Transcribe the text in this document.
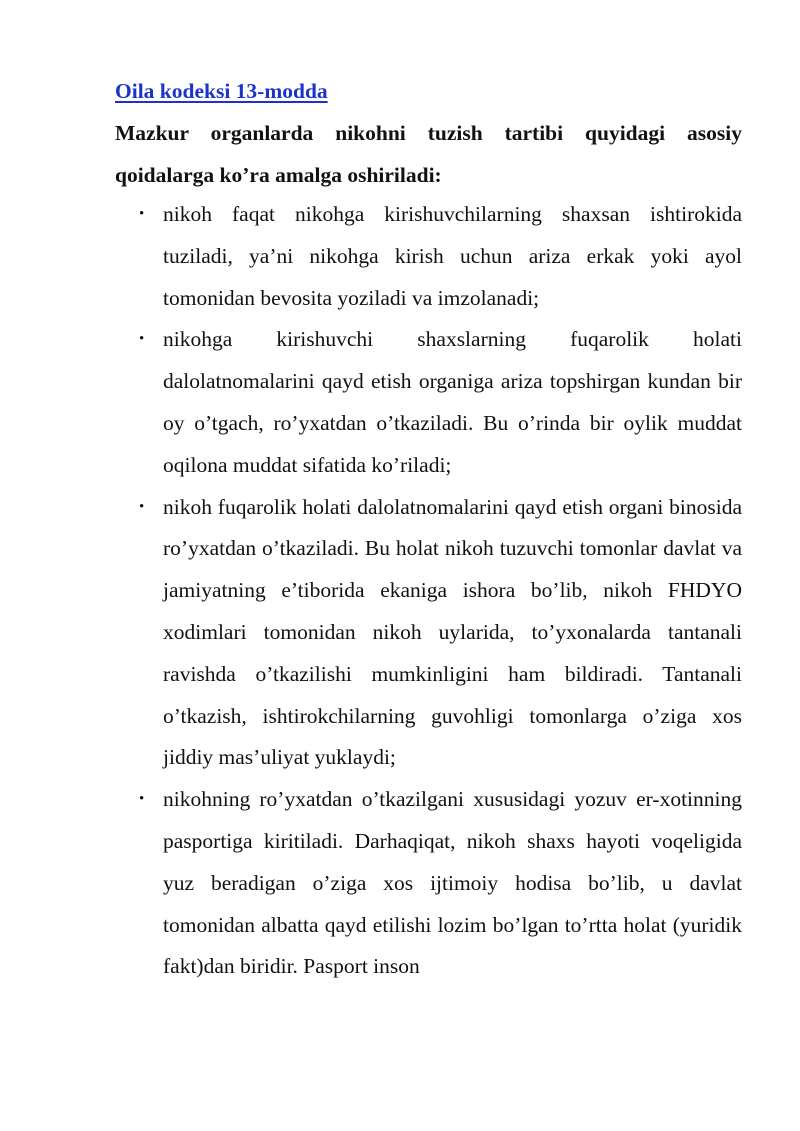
Oila kodeksi 13-modda
Mazkur organlarda nikohni tuzish tartibi quyidagi asosiy qoidalarga ko’ra amalga oshiriladi:
• nikoh faqat nikohga kirishuvchilarning shaxsan ishtirokida tuziladi, ya’ni nikohga kirish uchun ariza erkak yoki ayol tomonidan bevosita yoziladi va imzolanadi;
• nikohga kirishuvchi shaxslarning fuqarolik holati dalolatnomalarini qayd etish organiga ariza topshirgan kundan bir oy o’tgach, ro’yxatdan o’tkaziladi. Bu o’rinda bir oylik muddat oqilona muddat sifatida ko’riladi;
• nikoh fuqarolik holati dalolatnomalarini qayd etish organi binosida ro’yxatdan o’tkaziladi. Bu holat nikoh tuzuvchi tomonlar davlat va jamiyatning e’tiborida ekaniga ishora bo’lib, nikoh FHDYO xodimlari tomonidan nikoh uylarida, to’yxonalarda tantanali ravishda o’tkazilishi mumkinligini ham bildiradi. Tantanali o’tkazish, ishtirokchilarning guvohligi tomonlarga o’ziga xos jiddiy mas’uliyat yuklaydi;
• nikohning ro’yxatdan o’tkazilgani xususidagi yozuv er-xotinning pasportiga kiritiladi. Darhaqiqat, nikoh shaxs hayoti voqeligida yuz beradigan o’ziga xos ijtimoiy hodisa bo’lib, u davlat tomonidan albatta qayd etilishi lozim bo’lgan to’rtta holat (yuridik fakt)dan biridir. Pasport inson
